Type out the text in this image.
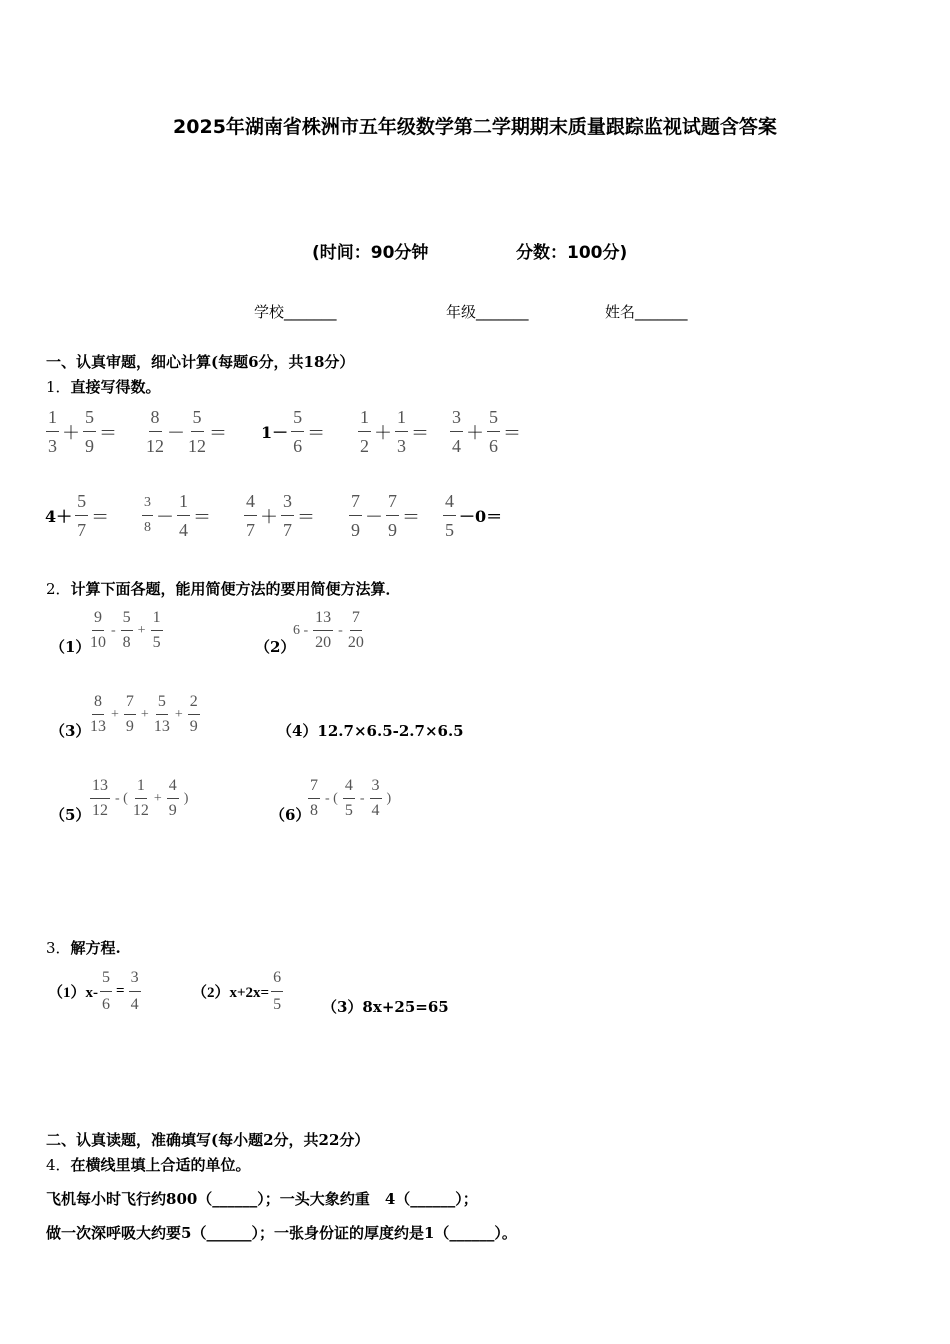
2025年湖南省株洲市五年级数学第二学期期末质量跟踪监视试题含答案
(时间：90分钟	分数：100分)
学校_______	年级_______	姓名_______
一、认真审题，细心计算(每题6分，共18分）
1．直接写得数。
$\frac{1}{3} + \frac{5}{9} = \frac{8}{12} - \frac{5}{12} = 1- \frac{5}{6} = \frac{1}{2} + \frac{1}{3} = \frac{3}{4} + \frac{5}{6}$ ＝
$4+ \frac{5}{7} = \frac{3}{8} - \frac{1}{4} = \frac{4}{7} + \frac{3}{7} = \frac{7}{9} - \frac{7}{9} = \frac{4}{5} -0=$
2．计算下面各题，能用简便方法的要用简便方法算．
$(1) \frac{9}{10} - \frac{5}{8} + \frac{1}{5}$	（2）
$6 - \frac{13}{20} - \frac{7}{20}$
$(3) \frac{8}{13} + \frac{7}{9} + \frac{5}{13} + \frac{2}{9}$	（4）12.7×6.5-2.7×6.5
$(5) \frac{13}{12}$ - ( $\frac{1}{12} + \frac{4}{9}$ )
（6）
$\frac{7}{8}$ - ( $\frac{4}{5} - \frac{3}{4}$ )
3．解方程.
$(1)x- \frac{5}{6} = \frac{3}{4}$	$(2)x+2x= \frac{6}{5}$	（3）8x+25=65
二、认真读题，准确填写(每小题2分，共22分）
4．在横线里填上合适的单位。
飞机每小时飞行约800（______）；一头大象约重　4（______）；
做一次深呼吸大约要5（______）；一张身份证的厚度约是1（______）。
